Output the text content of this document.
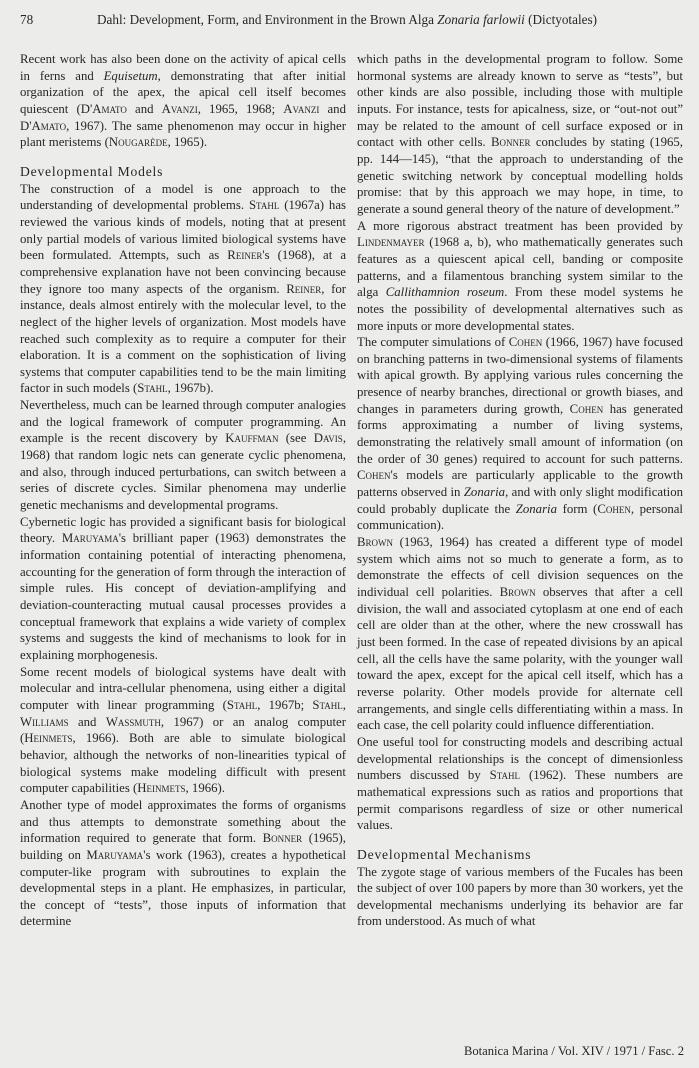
78	Dahl: Development, Form, and Environment in the Brown Alga Zonaria farlowii (Dictyotales)

Recent work has also been done on the activity of apical cells in ferns and Equisetum, demonstrating that after initial organization of the apex, the apical cell itself becomes quiescent (D'Amato and Avanzi, 1965, 1968; Avanzi and D'Amato, 1967). The same phenomenon may occur in higher plant meristems (Nougarède, 1965).

Developmental Models

The construction of a model is one approach to the understanding of developmental problems. Stahl (1967a) has reviewed the various kinds of models, noting that at present only partial models of various limited biological systems have been formulated. Attempts, such as Reiner's (1968), at a comprehensive explanation have not been convincing because they ignore too many aspects of the organism. Reiner, for instance, deals almost entirely with the molecular level, to the neglect of the higher levels of organization. Most models have reached such complexity as to require a computer for their elaboration. It is a comment on the sophistication of living systems that computer capabilities tend to be the main limiting factor in such models (Stahl, 1967b).

Nevertheless, much can be learned through computer analogies and the logical framework of computer programming. An example is the recent discovery by Kauffman (see Davis, 1968) that random logic nets can generate cyclic phenomena, and also, through induced perturbations, can switch between a series of discrete cycles. Similar phenomena may underlie genetic mechanisms and developmental programs.

Cybernetic logic has provided a significant basis for biological theory. Maruyama's brilliant paper (1963) demonstrates the information containing potential of interacting phenomena, accounting for the generation of form through the interaction of simple rules. His concept of deviation-amplifying and deviation-counteracting mutual causal processes provides a conceptual framework that explains a wide variety of complex systems and suggests the kind of mechanisms to look for in explaining morphogenesis.

Some recent models of biological systems have dealt with molecular and intra-cellular phenomena, using either a digital computer with linear programming (Stahl, 1967b; Stahl, Williams and Wassmuth, 1967) or an analog computer (Heinmets, 1966). Both are able to simulate biological behavior, although the networks of non-linearities typical of biological systems make modeling difficult with present computer capabilities (Heinmets, 1966).

Another type of model approximates the forms of organisms and thus attempts to demonstrate something about the information required to generate that form. Bonner (1965), building on Maruyama's work (1963), creates a hypothetical computer-like program with subroutines to explain the developmental steps in a plant. He emphasizes, in particular, the concept of “tests”, those inputs of information that determine

which paths in the developmental program to follow. Some hormonal systems are already known to serve as “tests”, but other kinds are also possible, including those with multiple inputs. For instance, tests for apicalness, size, or “out-not out” may be related to the amount of cell surface exposed or in contact with other cells. Bonner concludes by stating (1965, pp. 144—145), “that the approach to understanding of the genetic switching network by conceptual modelling holds promise: that by this approach we may hope, in time, to generate a sound general theory of the nature of development.”

A more rigorous abstract treatment has been provided by Lindenmayer (1968 a, b), who mathematically generates such features as a quiescent apical cell, banding or composite patterns, and a filamentous branching system similar to the alga Callithamnion roseum. From these model systems he notes the possibility of developmental alternatives such as more inputs or more developmental states.

The computer simulations of Cohen (1966, 1967) have focused on branching patterns in two-dimensional systems of filaments with apical growth. By applying various rules concerning the presence of nearby branches, directional or growth biases, and changes in parameters during growth, Cohen has generated forms approximating a number of living systems, demonstrating the relatively small amount of information (on the order of 30 genes) required to account for such patterns. Cohen's models are particularly applicable to the growth patterns observed in Zonaria, and with only slight modification could probably duplicate the Zonaria form (Cohen, personal communication).

Brown (1963, 1964) has created a different type of model system which aims not so much to generate a form, as to demonstrate the effects of cell division sequences on the individual cell polarities. Brown observes that after a cell division, the wall and associated cytoplasm at one end of each cell are older than at the other, where the new crosswall has just been formed. In the case of repeated divisions by an apical cell, all the cells have the same polarity, with the younger wall toward the apex, except for the apical cell itself, which has a reverse polarity. Other models provide for alternate cell arrangements, and single cells differentiating within a mass. In each case, the cell polarity could influence differentiation.

One useful tool for constructing models and describing actual developmental relationships is the concept of dimensionless numbers discussed by Stahl (1962). These numbers are mathematical expressions such as ratios and proportions that permit comparisons regardless of size or other numerical values.

Developmental Mechanisms

The zygote stage of various members of the Fucales has been the subject of over 100 papers by more than 30 workers, yet the developmental mechanisms underlying its behavior are far from understood. As much of what

Botanica Marina / Vol. XIV / 1971 / Fasc. 2
